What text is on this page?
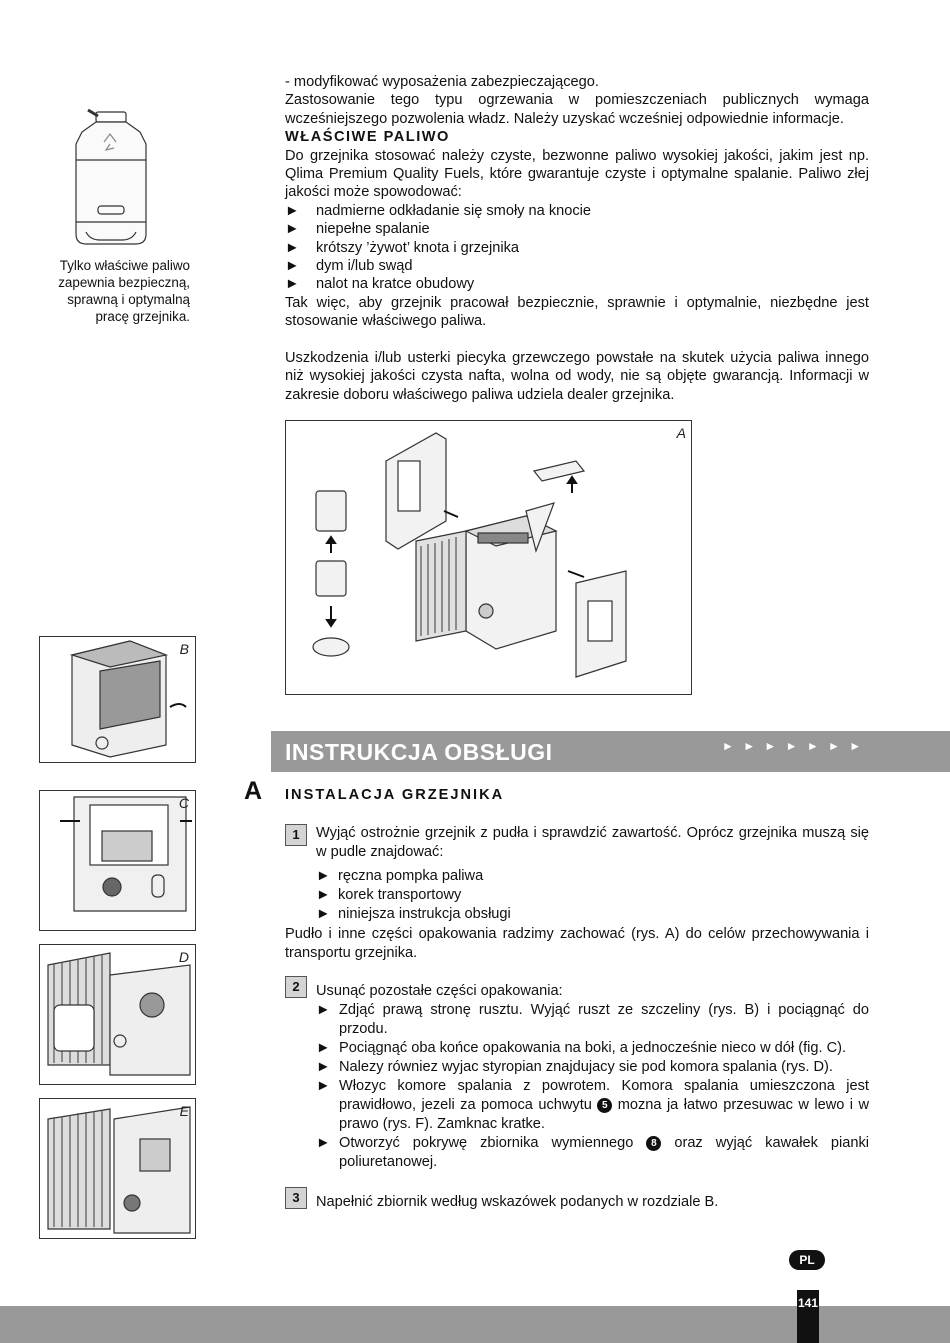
Tylko właściwe paliwo zapewnia bezpieczną, sprawną i optymalną pracę grzejnika.

- modyfikować wyposażenia zabezpieczającego.

Zastosowanie tego typu ogrzewania w pomieszczeniach publicznych wymaga wcześniejszego pozwolenia władz. Należy uzyskać wcześniej odpowiednie informacje.

WŁAŚCIWE PALIWO

Do grzejnika stosować należy czyste, bezwonne paliwo wysokiej jakości, jakim jest np. Qlima Premium Quality Fuels, które gwarantuje czyste i optymalne spalanie. Paliwo złej jakości może spowodować:

► nadmierne odkładanie się smoły na knocie
► niepełne spalanie
► krótszy ’żywot’ knota i grzejnika
► dym i/lub swąd
► nalot na kratce obudowy

Tak więc, aby grzejnik pracował bezpiecznie, sprawnie i optymalnie, niezbędne jest stosowanie właściwego paliwa.

Uszkodzenia i/lub usterki piecyka grzewczego powstałe na skutek użycia paliwa innego niż wysokiej jakości czysta nafta, wolna od wody, nie są objęte gwarancją. Informacji w zakresie doboru właściwego paliwa udziela dealer grzejnika.

A
B
C
D
E
INSTRUKCJA OBSŁUGI	► ► ► ► ► ► ►
A INSTALACJA GRZEJNIKA
1	Wyjąć ostrożnie grzejnik z pudła i sprawdzić zawartość. Oprócz grzejnika muszą się w pudle znajdować:
► ręczna pompka paliwa
► korek transportowy
► niniejsza instrukcja obsługi
Pudło i inne części opakowania radzimy zachować (rys. A) do celów przechowywania i transportu grzejnika.
2	Usunąć pozostałe części opakowania:
► Zdjąć prawą stronę rusztu. Wyjąć ruszt ze szczeliny (rys. B) i pociągnąć do przodu.
► Pociągnąć oba końce opakowania na boki, a jednocześnie nieco w dół (fig. C).
► Nalezy równiez wyjac styropian znajdujacy sie pod komora spalania (rys. D).
► Włozyc komore spalania z powrotem. Komora spalania umieszczona jest prawidłowo, jezeli za pomoca uchwytu 5 mozna ja łatwo przesuwac w lewo i w prawo (rys. F). Zamknac kratke.
► Otworzyć pokrywę zbiornika wymiennego 8 oraz wyjąć kawałek pianki poliuretanowej.
3	Napełnić zbiornik według wskazówek podanych w rozdziale B.
PL
141
